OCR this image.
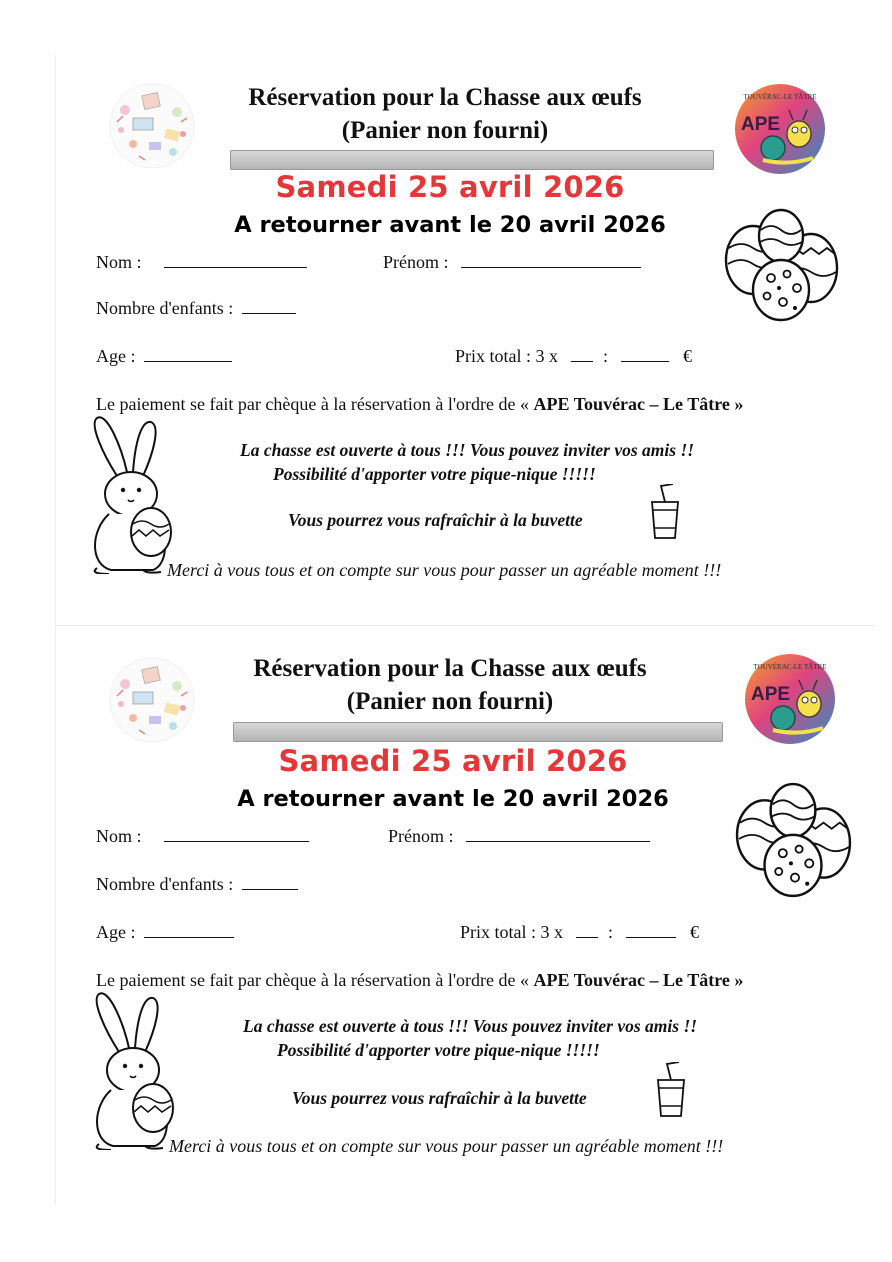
Réservation pour la Chasse aux œufs
(Panier non fourni)
TOUVÉRAC-LE TÂTRE
APE
Samedi 25 avril 2026
A retourner avant le 20 avril 2026
Nom :	Prénom :
Nombre d'enfants :
Age :	Prix total : 3 x	:	€
Le paiement se fait par chèque à la réservation à l'ordre de « APE Touvérac – Le Tâtre »
La chasse est ouverte à tous !!! Vous pouvez inviter vos amis !!
Possibilité d'apporter votre pique-nique !!!!!
Vous pourrez vous rafraîchir à la buvette
Merci à vous tous et on compte sur vous pour passer un agréable moment !!!
Réservation pour la Chasse aux œufs
(Panier non fourni)
TOUVÉRAC-LE TÂTRE
APE
Samedi 25 avril 2026
A retourner avant le 20 avril 2026
Nom :	Prénom :
Nombre d'enfants :
Age :	Prix total : 3 x	:	€
Le paiement se fait par chèque à la réservation à l'ordre de « APE Touvérac – Le Tâtre »
La chasse est ouverte à tous !!! Vous pouvez inviter vos amis !!
Possibilité d'apporter votre pique-nique !!!!!
Vous pourrez vous rafraîchir à la buvette
Merci à vous tous et on compte sur vous pour passer un agréable moment !!!
